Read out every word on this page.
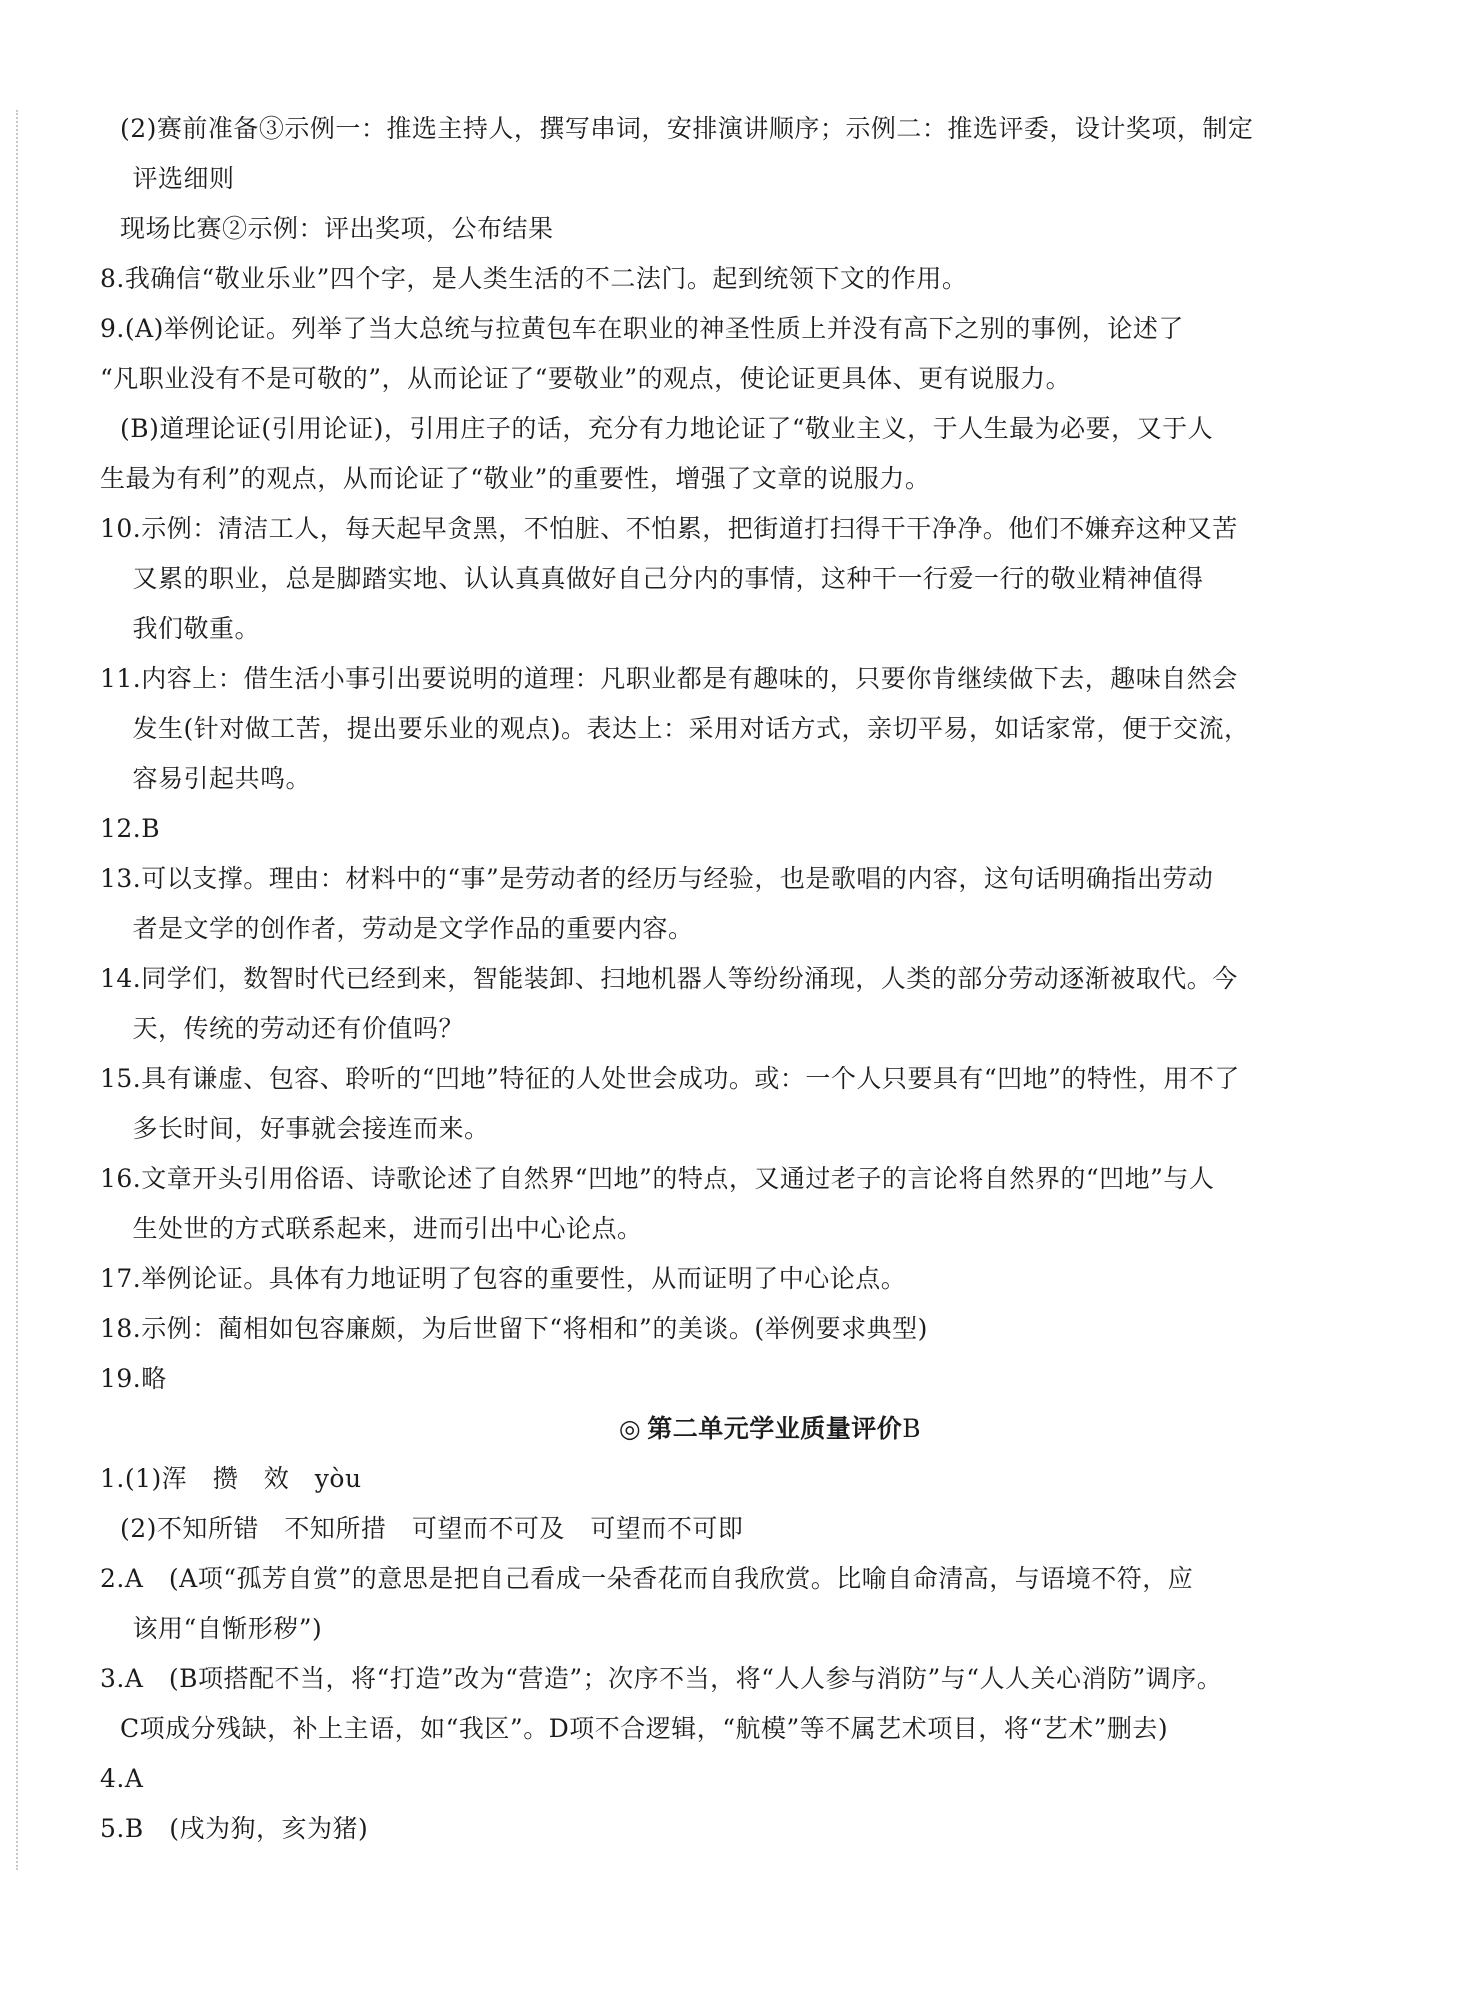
(2)赛前准备③示例一：推选主持人，撰写串词，安排演讲顺序；示例二：推选评委，设计奖项，制定
评选细则
现场比赛②示例：评出奖项，公布结果
8.我确信“敬业乐业”四个字，是人类生活的不二法门。起到统领下文的作用。
9.(A)举例论证。列举了当大总统与拉黄包车在职业的神圣性质上并没有高下之别的事例，论述了
“凡职业没有不是可敬的”，从而论证了“要敬业”的观点，使论证更具体、更有说服力。
(B)道理论证(引用论证)，引用庄子的话，充分有力地论证了“敬业主义，于人生最为必要，又于人
生最为有利”的观点，从而论证了“敬业”的重要性，增强了文章的说服力。
10.示例：清洁工人，每天起早贪黑，不怕脏、不怕累，把街道打扫得干干净净。他们不嫌弃这种又苦
又累的职业，总是脚踏实地、认认真真做好自己分内的事情，这种干一行爱一行的敬业精神值得
我们敬重。
11.内容上：借生活小事引出要说明的道理：凡职业都是有趣味的，只要你肯继续做下去，趣味自然会
发生(针对做工苦，提出要乐业的观点)。表达上：采用对话方式，亲切平易，如话家常，便于交流，
容易引起共鸣。
12.B
13.可以支撑。理由：材料中的“事”是劳动者的经历与经验，也是歌唱的内容，这句话明确指出劳动
者是文学的创作者，劳动是文学作品的重要内容。
14.同学们，数智时代已经到来，智能装卸、扫地机器人等纷纷涌现，人类的部分劳动逐渐被取代。今
天，传统的劳动还有价值吗？
15.具有谦虚、包容、聆听的“凹地”特征的人处世会成功。或：一个人只要具有“凹地”的特性，用不了
多长时间，好事就会接连而来。
16.文章开头引用俗语、诗歌论述了自然界“凹地”的特点，又通过老子的言论将自然界的“凹地”与人
生处世的方式联系起来，进而引出中心论点。
17.举例论证。具体有力地证明了包容的重要性，从而证明了中心论点。
18.示例：蔺相如包容廉颇，为后世留下“将相和”的美谈。(举例要求典型)
19.略
◎ 第二单元学业质量评价B
1.(1)浑　攒　效　yòu
(2)不知所错　不知所措　可望而不可及　可望而不可即
2.A　(A项“孤芳自赏”的意思是把自己看成一朵香花而自我欣赏。比喻自命清高，与语境不符，应
该用“自惭形秽”)
3.A　(B项搭配不当，将“打造”改为“营造”；次序不当，将“人人参与消防”与“人人关心消防”调序。
C项成分残缺，补上主语，如“我区”。D项不合逻辑，“航模”等不属艺术项目，将“艺术”删去)
4.A
5.B　(戌为狗，亥为猪)
